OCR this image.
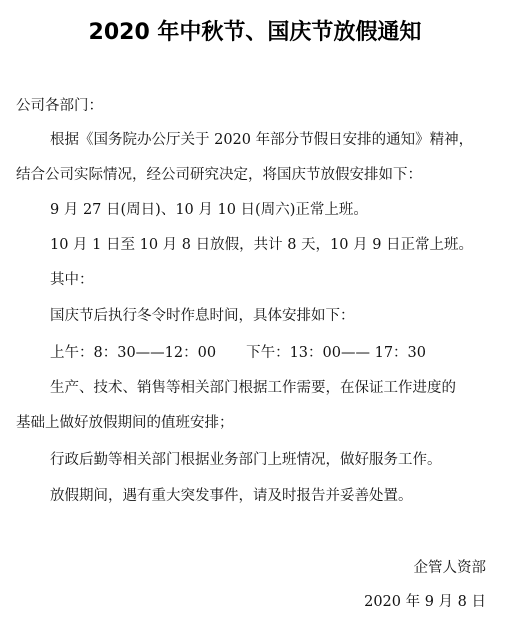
2020 年中秋节、国庆节放假通知
公司各部门：
根据《国务院办公厅关于 2020 年部分节假日安排的通知》精神，
结合公司实际情况，经公司研究决定，将国庆节放假安排如下：
9 月 27 日(周日)、10 月 10 日(周六)正常上班。
10 月 1 日至 10 月 8 日放假，共计 8 天，10 月 9 日正常上班。
其中：
国庆节后执行冬令时作息时间，具体安排如下：
上午：8：30——12：00 下午：13：00—— 17：30
生产、技术、销售等相关部门根据工作需要，在保证工作进度的
基础上做好放假期间的值班安排；
行政后勤等相关部门根据业务部门上班情况，做好服务工作。
放假期间，遇有重大突发事件，请及时报告并妥善处置。
企管人资部
2020 年 9 月 8 日
